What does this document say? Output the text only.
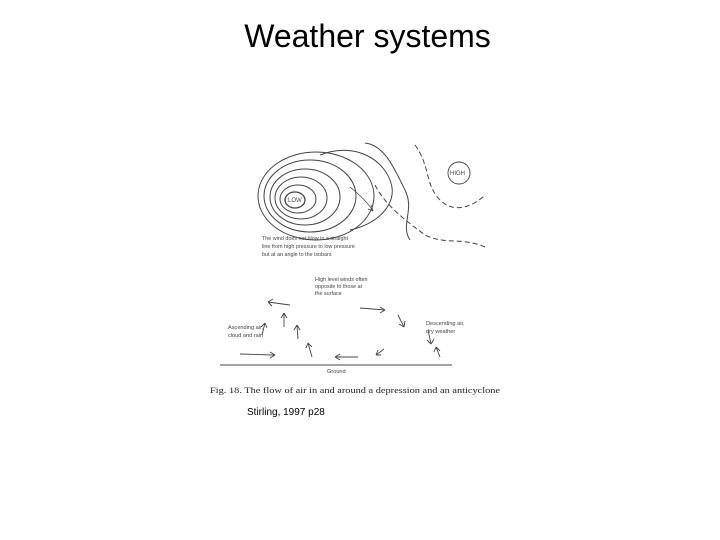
Weather systems
LOW
HIGH
The wind does not blow in a straight line from high pressure to low pressure but at an angle to the isobars
High level winds often opposite to those at the surface
Ascending air, cloud and rain
Descending air, dry weather
Ground
Fig. 18. The flow of air in and around a depression and an anticyclone
Stirling, 1997 p28
